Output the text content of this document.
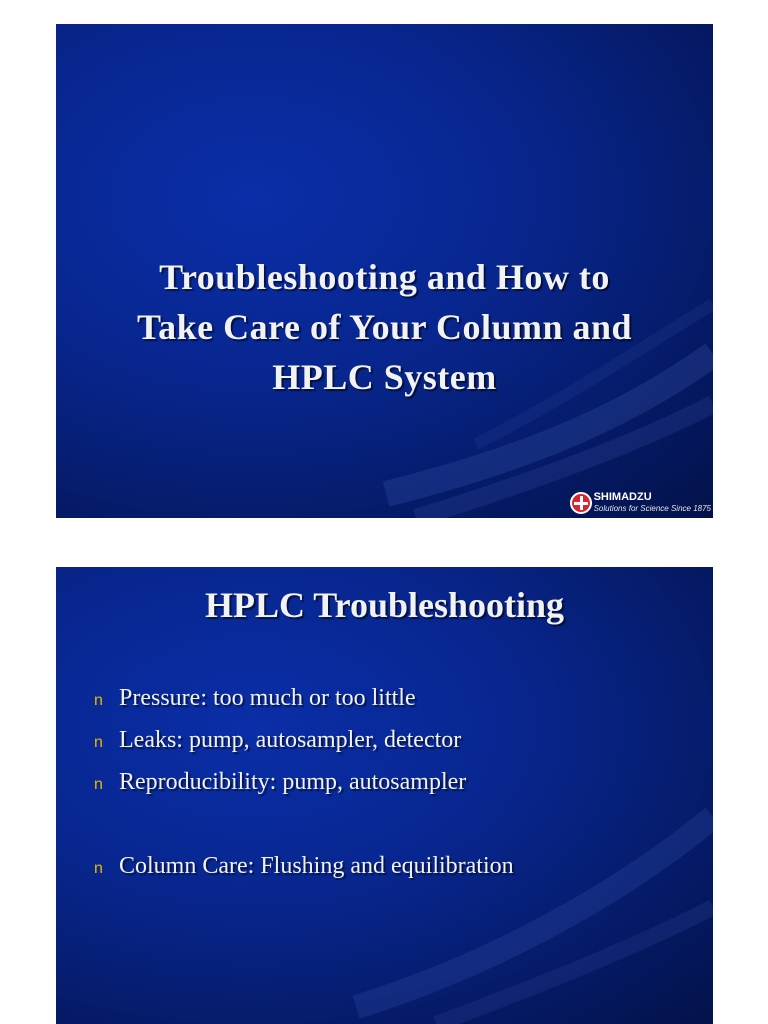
Troubleshooting and How to
Take Care of Your Column and
HPLC System
SHIMADZU
Solutions for Science Since 1875
HPLC Troubleshooting
n Pressure: too much or too little
n Leaks: pump, autosampler, detector
n Reproducibility: pump, autosampler
n Column Care: Flushing and equilibration
